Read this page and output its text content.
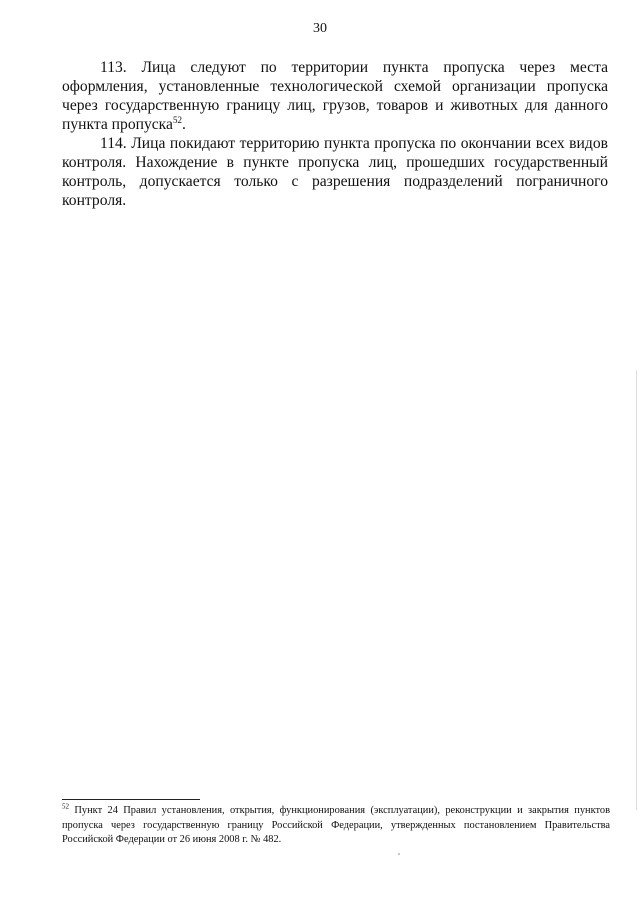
30

113. Лица следуют по территории пункта пропуска через места оформления, установленные технологической схемой организации пропуска через государственную границу лиц, грузов, товаров и животных для данного пункта пропуска$^{52}$.

114. Лица покидают территорию пункта пропуска по окончании всех видов контроля. Нахождение в пункте пропуска лиц, прошедших государственный контроль, допускается только с разрешения подразделений пограничного контроля.

$^{52}$ Пункт 24 Правил установления, открытия, функционирования (эксплуатации), реконструкции и закрытия пунктов пропуска через государственную границу Российской Федерации, утвержденных постановлением Правительства Российской Федерации от 26 июня 2008 г. № 482.
